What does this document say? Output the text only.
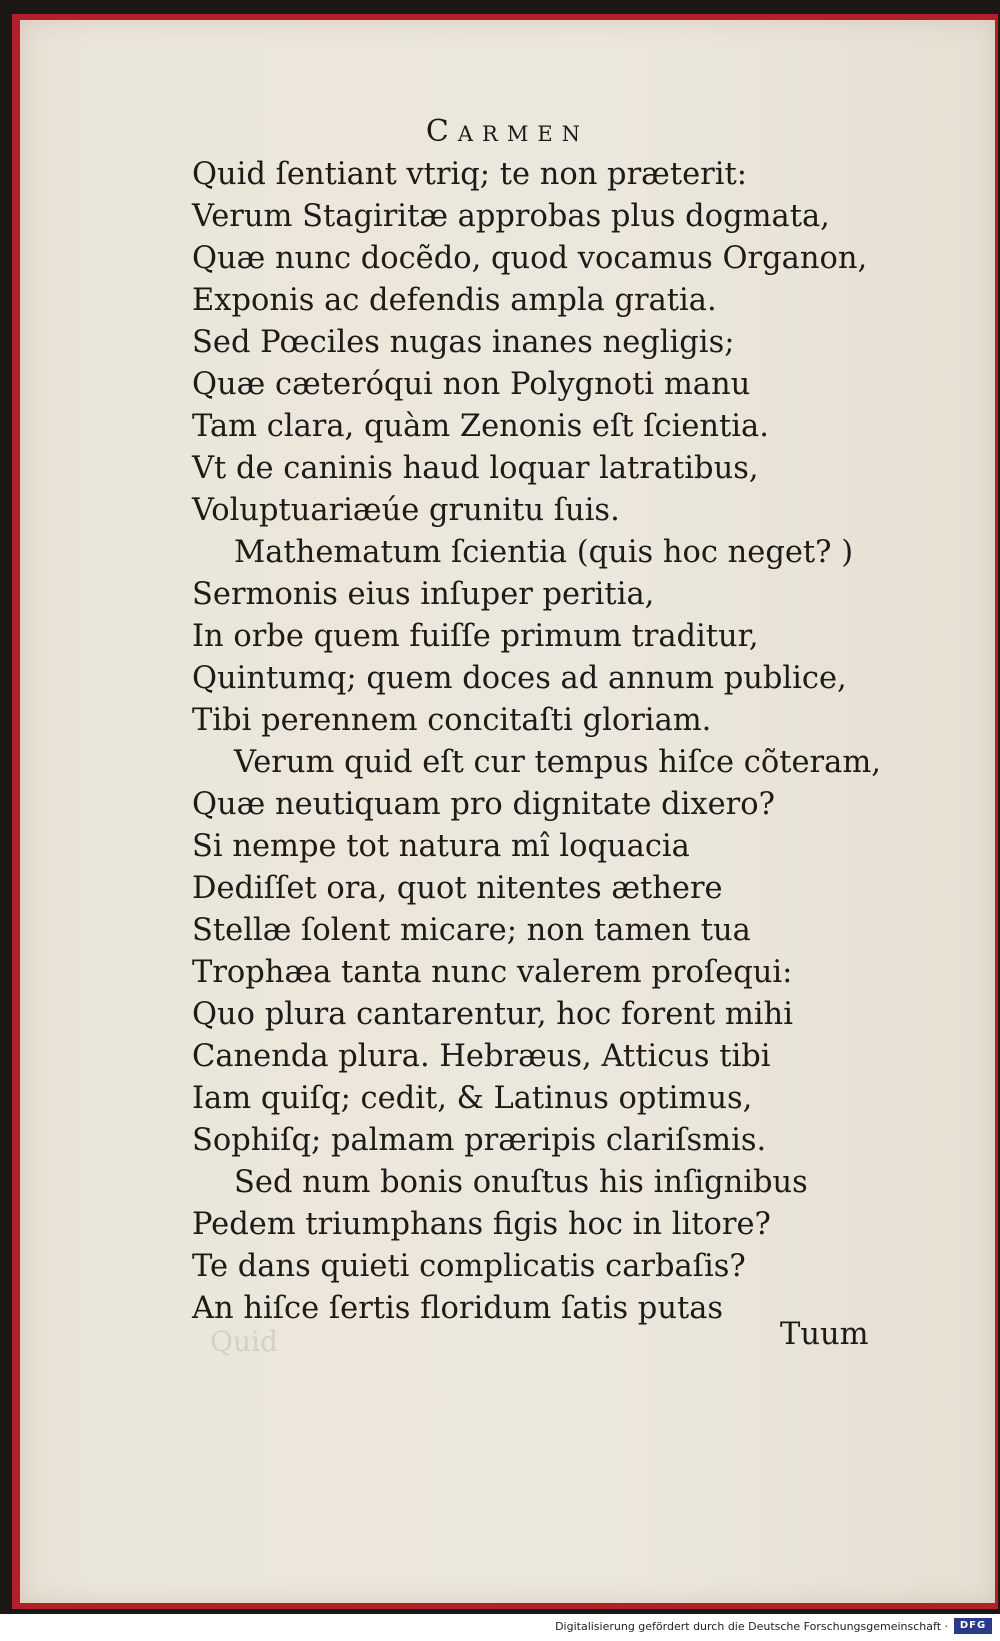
Carmen
Quid ſentiant vtriq; te non præterit:
Verum Stagiritæ approbas plus dogmata,
Quæ nunc docẽdo, quod vocamus Organon,
Exponis ac defendis ampla gratia.
Sed Pœciles nugas inanes negligis;
Quæ cæteróqui non Polygnoti manu
Tam clara, quàm Zenonis eſt ſcientia.
Vt de caninis haud loquar latratibus,
Voluptuariæúe grunitu ſuis.
Mathematum ſcientia (quis hoc neget? )
Sermonis eius inſuper peritia,
In orbe quem fuiſſe primum traditur,
Quintumq; quem doces ad annum publice,
Tibi perennem concitaſti gloriam.
Verum quid eſt cur tempus hiſce cõteram,
Quæ neutiquam pro dignitate dixero?
Si nempe tot natura mî loquacia
Dediſſet ora, quot nitentes æthere
Stellæ ſolent micare; non tamen tua
Trophæa tanta nunc valerem proſequi:
Quo plura cantarentur, hoc forent mihi
Canenda plura. Hebræus, Atticus tibi
Iam quiſq; cedit, & Latinus optimus,
Sophiſq; palmam præripis clariſsmis.
Sed num bonis onuſtus his inſignibus
Pedem triumphans figis hoc in litore?
Te dans quieti complicatis carbaſis?
An hiſce ſertis floridum ſatis putas
Quid	Tuum
Digitalisierung gefördert durch die Deutsche Forschungsgemeinschaft ·	DFG
